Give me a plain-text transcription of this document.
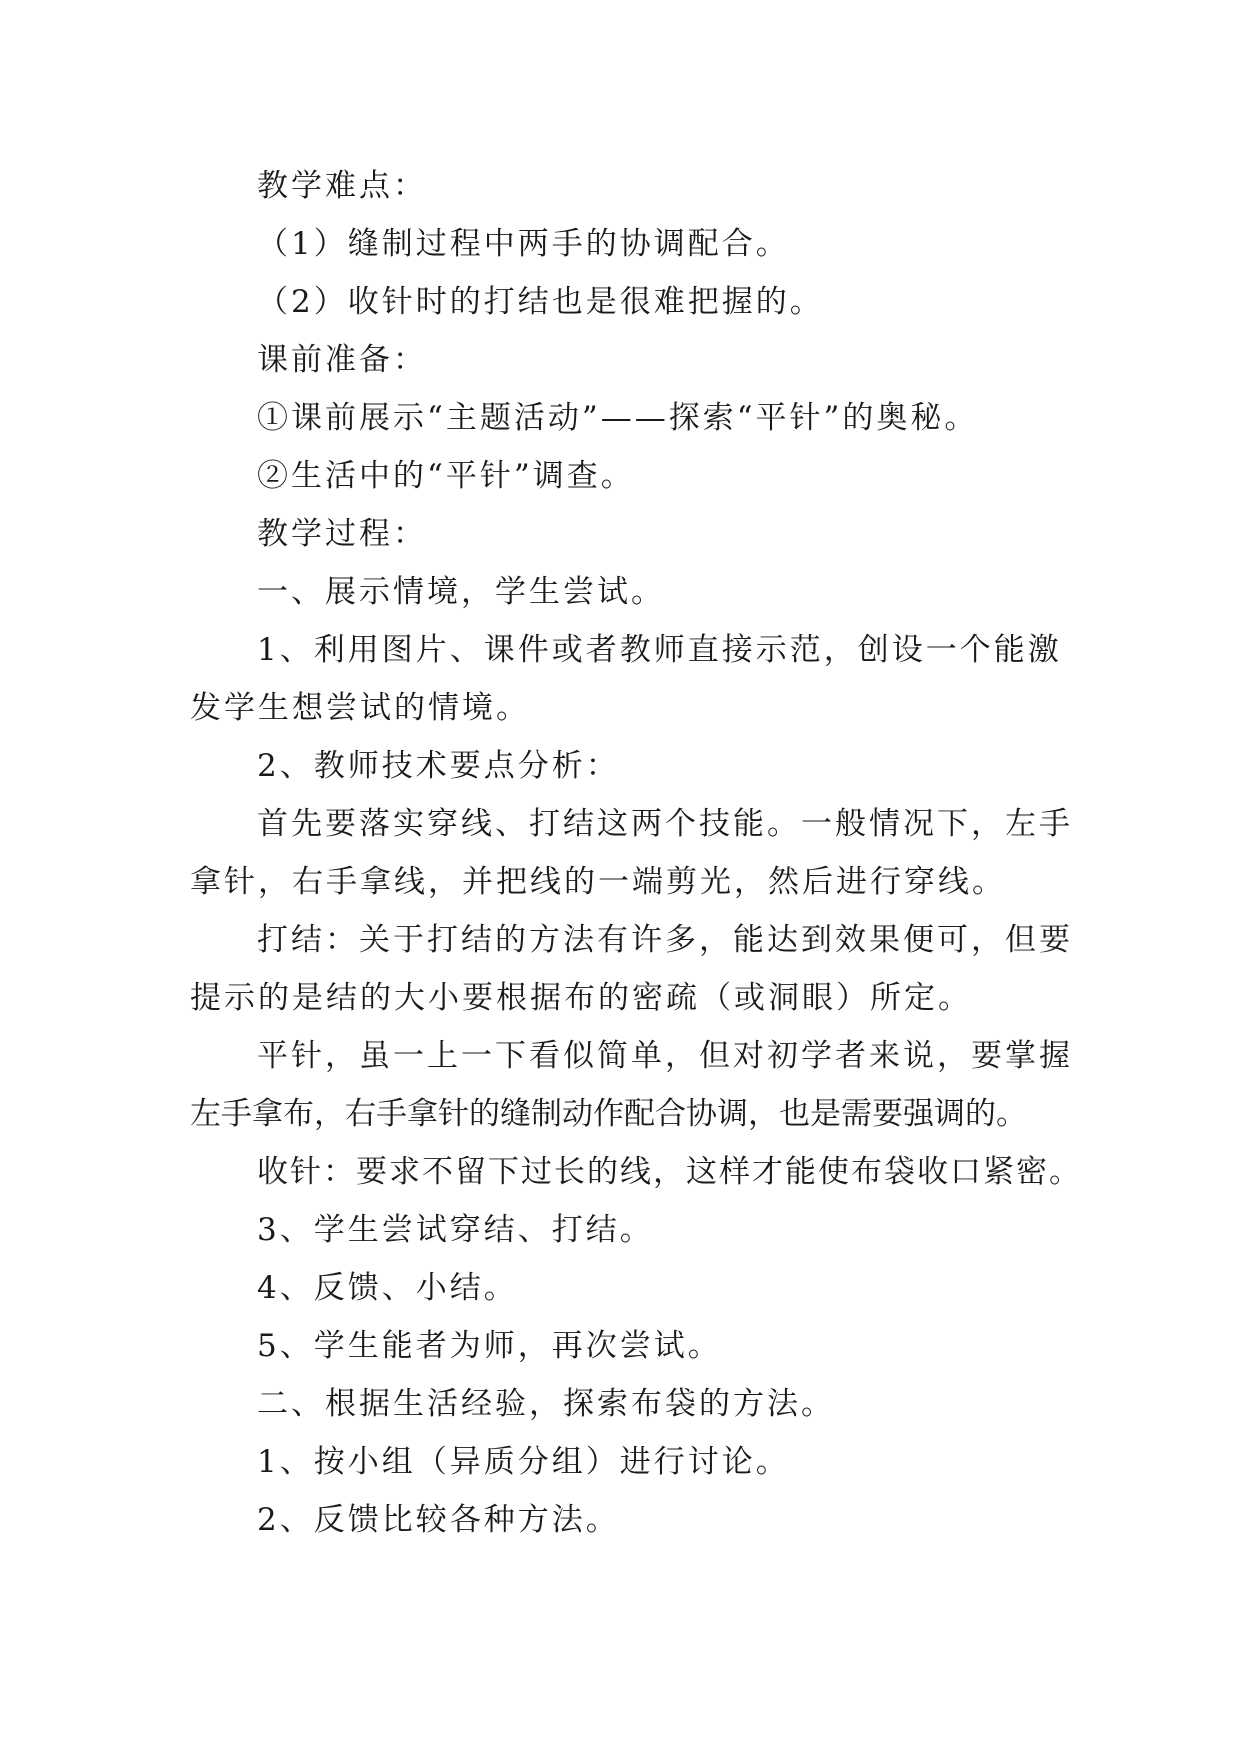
教学难点：

（1）缝制过程中两手的协调配合。

（2）收针时的打结也是很难把握的。

课前准备：

①课前展示“主题活动”——探索“平针”的奥秘。

②生活中的“平针”调查。

教学过程：

一、展示情境，学生尝试。

1、利用图片、课件或者教师直接示范，创设一个能激

发学生想尝试的情境。

2、教师技术要点分析：

首先要落实穿线、打结这两个技能。一般情况下，左手

拿针，右手拿线，并把线的一端剪光，然后进行穿线。

打结：关于打结的方法有许多，能达到效果便可，但要

提示的是结的大小要根据布的密疏（或洞眼）所定。

平针，虽一上一下看似简单，但对初学者来说，要掌握

左手拿布，右手拿针的缝制动作配合协调，也是需要强调的。

收针：要求不留下过长的线，这样才能使布袋收口紧密。

3、学生尝试穿结、打结。

4、反馈、小结。

5、学生能者为师，再次尝试。

二、根据生活经验，探索布袋的方法。

1、按小组（异质分组）进行讨论。

2、反馈比较各种方法。
